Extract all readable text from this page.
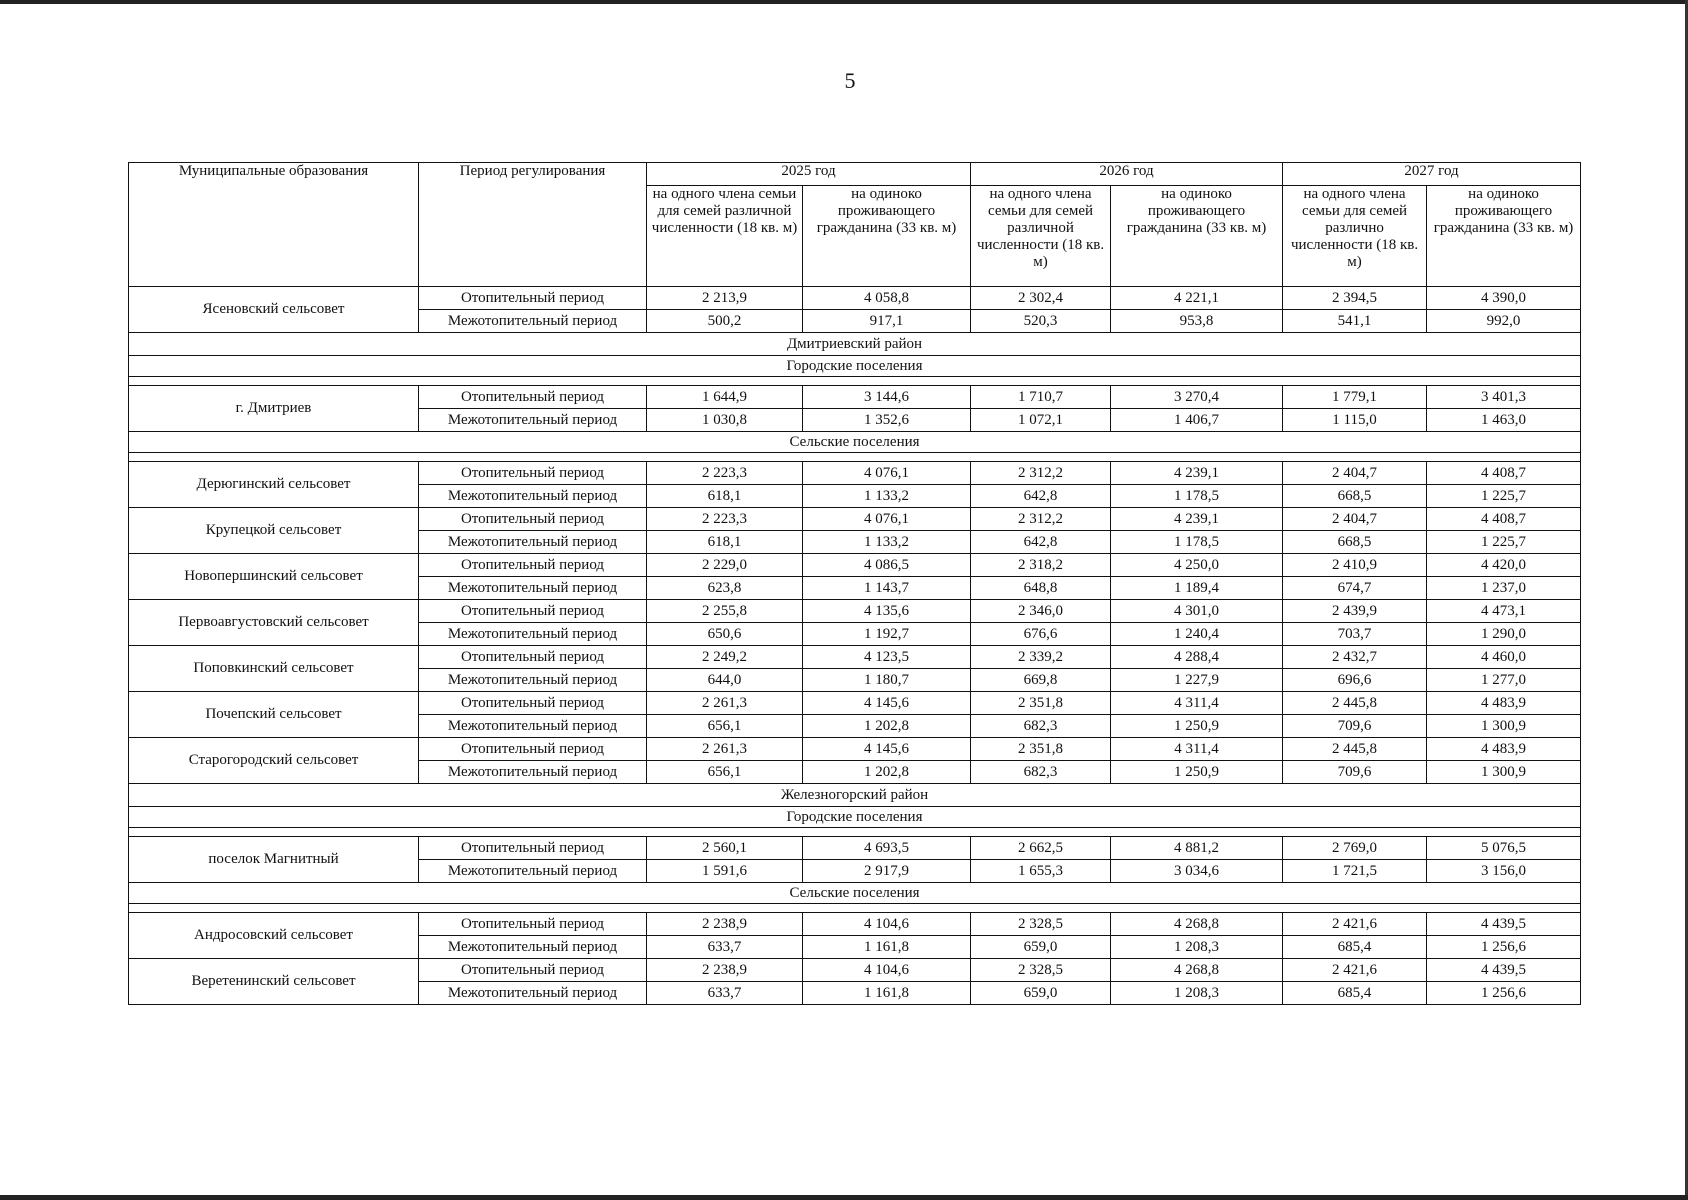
5
Муниципальные образования	Период регулирования	2025 год		2026 год		2027 год	
		на одного члена семьи для семей различной численности (18 кв. м)	на одиноко проживающего гражданина (33 кв. м)	на одного члена семьи для семей различной численности (18 кв. м)	на одиноко проживающего гражданина (33 кв. м)	на одного члена семьи для семей различно численности (18 кв. м)	на одиноко проживающего гражданина (33 кв. м)
Ясеновский сельсовет	Отопительный период	2 213,9	4 058,8	2 302,4	4 221,1	2 394,5	4 390,0
	Межотопительный период	500,2	917,1	520,3	953,8	541,1	992,0
Дмитриевский район							
Городские поселения							

г. Дмитриев	Отопительный период	1 644,9	3 144,6	1 710,7	3 270,4	1 779,1	3 401,3
	Межотопительный период	1 030,8	1 352,6	1 072,1	1 406,7	1 115,0	1 463,0
Сельские поселения							

Дерюгинский сельсовет	Отопительный период	2 223,3	4 076,1	2 312,2	4 239,1	2 404,7	4 408,7
	Межотопительный период	618,1	1 133,2	642,8	1 178,5	668,5	1 225,7
Крупецкой сельсовет	Отопительный период	2 223,3	4 076,1	2 312,2	4 239,1	2 404,7	4 408,7
	Межотопительный период	618,1	1 133,2	642,8	1 178,5	668,5	1 225,7
Новопершинский сельсовет	Отопительный период	2 229,0	4 086,5	2 318,2	4 250,0	2 410,9	4 420,0
	Межотопительный период	623,8	1 143,7	648,8	1 189,4	674,7	1 237,0
Первоавгустовский сельсовет	Отопительный период	2 255,8	4 135,6	2 346,0	4 301,0	2 439,9	4 473,1
	Межотопительный период	650,6	1 192,7	676,6	1 240,4	703,7	1 290,0
Поповкинский сельсовет	Отопительный период	2 249,2	4 123,5	2 339,2	4 288,4	2 432,7	4 460,0
	Межотопительный период	644,0	1 180,7	669,8	1 227,9	696,6	1 277,0
Почепский сельсовет	Отопительный период	2 261,3	4 145,6	2 351,8	4 311,4	2 445,8	4 483,9
	Межотопительный период	656,1	1 202,8	682,3	1 250,9	709,6	1 300,9
Старогородский сельсовет	Отопительный период	2 261,3	4 145,6	2 351,8	4 311,4	2 445,8	4 483,9
	Межотопительный период	656,1	1 202,8	682,3	1 250,9	709,6	1 300,9
Железногорский район							
Городские поселения							

поселок Магнитный	Отопительный период	2 560,1	4 693,5	2 662,5	4 881,2	2 769,0	5 076,5
	Межотопительный период	1 591,6	2 917,9	1 655,3	3 034,6	1 721,5	3 156,0
Сельские поселения							

Андросовский сельсовет	Отопительный период	2 238,9	4 104,6	2 328,5	4 268,8	2 421,6	4 439,5
	Межотопительный период	633,7	1 161,8	659,0	1 208,3	685,4	1 256,6
Веретенинский сельсовет	Отопительный период	2 238,9	4 104,6	2 328,5	4 268,8	2 421,6	4 439,5
	Межотопительный период	633,7	1 161,8	659,0	1 208,3	685,4	1 256,6
